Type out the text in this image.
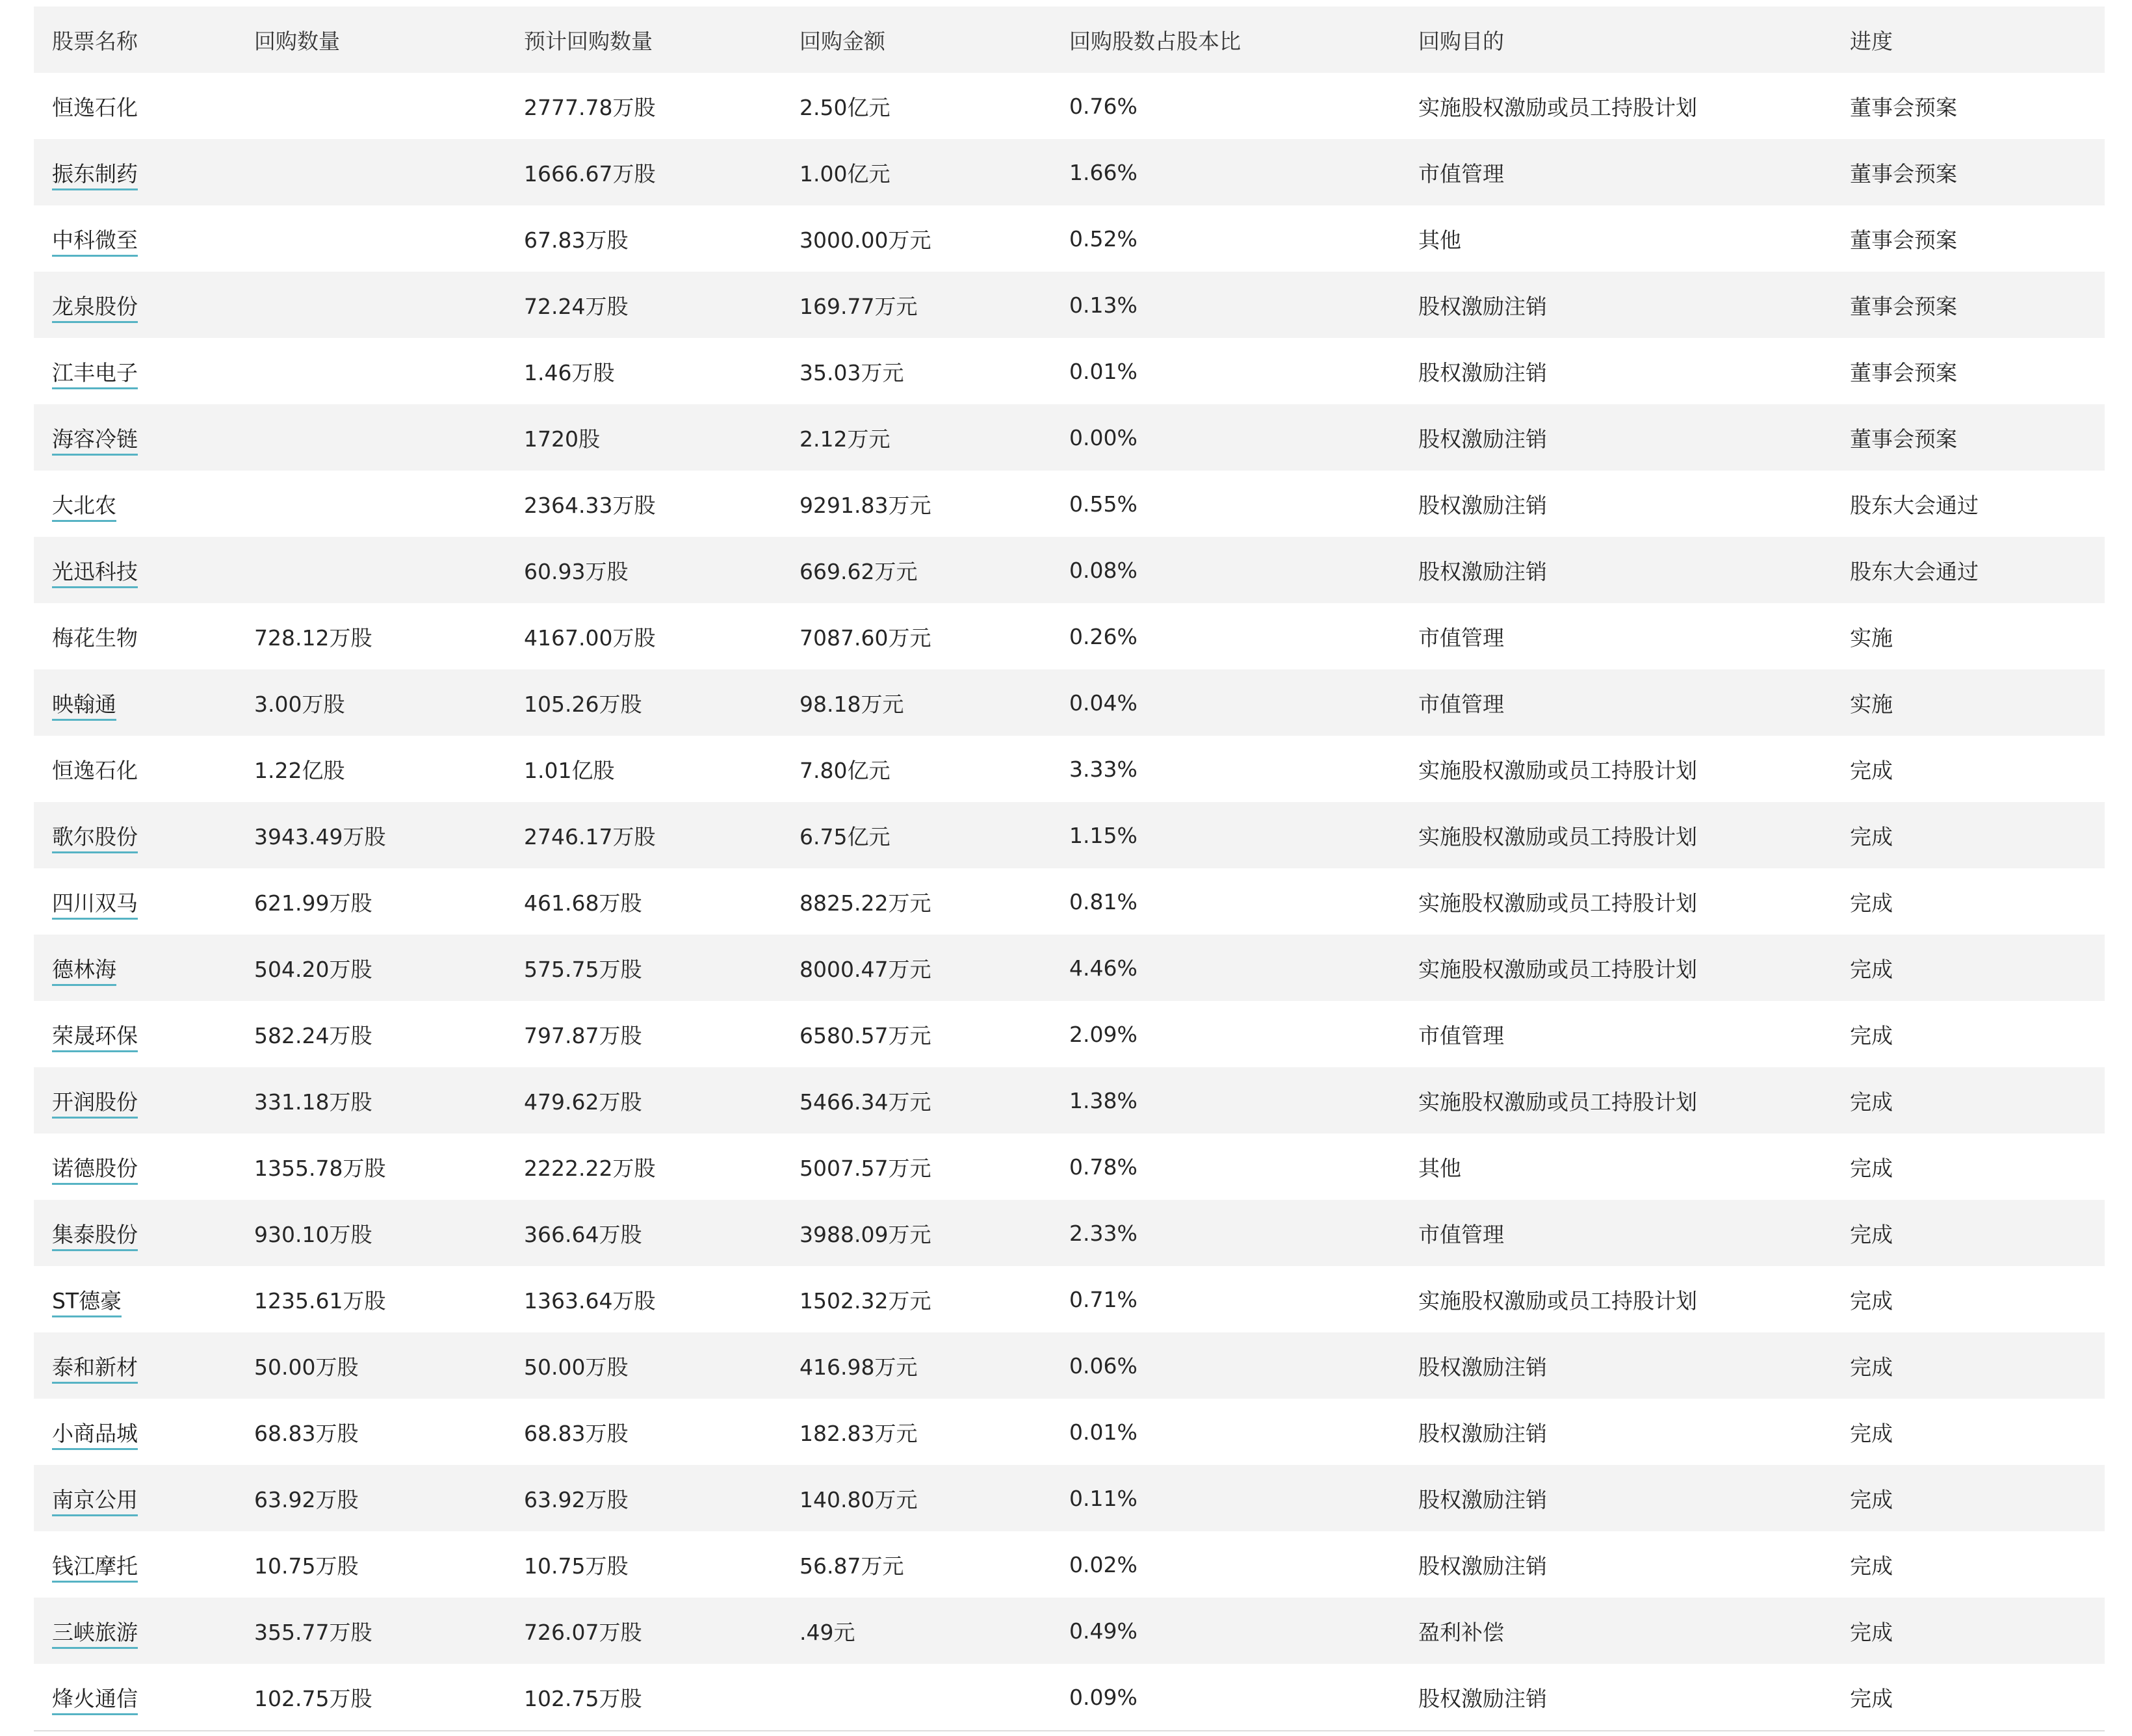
股票名称	回购数量	预计回购数量	回购金额	回购股数占股本比	回购目的	进度
恒逸石化		2777.78万股	2.50亿元	0.76%	实施股权激励或员工持股计划	董事会预案
振东制药		1666.67万股	1.00亿元	1.66%	市值管理	董事会预案
中科微至		67.83万股	3000.00万元	0.52%	其他	董事会预案
龙泉股份		72.24万股	169.77万元	0.13%	股权激励注销	董事会预案
江丰电子		1.46万股	35.03万元	0.01%	股权激励注销	董事会预案
海容冷链		1720股	2.12万元	0.00%	股权激励注销	董事会预案
大北农		2364.33万股	9291.83万元	0.55%	股权激励注销	股东大会通过
光迅科技		60.93万股	669.62万元	0.08%	股权激励注销	股东大会通过
梅花生物	728.12万股	4167.00万股	7087.60万元	0.26%	市值管理	实施
映翰通	3.00万股	105.26万股	98.18万元	0.04%	市值管理	实施
恒逸石化	1.22亿股	1.01亿股	7.80亿元	3.33%	实施股权激励或员工持股计划	完成
歌尔股份	3943.49万股	2746.17万股	6.75亿元	1.15%	实施股权激励或员工持股计划	完成
四川双马	621.99万股	461.68万股	8825.22万元	0.81%	实施股权激励或员工持股计划	完成
德林海	504.20万股	575.75万股	8000.47万元	4.46%	实施股权激励或员工持股计划	完成
荣晟环保	582.24万股	797.87万股	6580.57万元	2.09%	市值管理	完成
开润股份	331.18万股	479.62万股	5466.34万元	1.38%	实施股权激励或员工持股计划	完成
诺德股份	1355.78万股	2222.22万股	5007.57万元	0.78%	其他	完成
集泰股份	930.10万股	366.64万股	3988.09万元	2.33%	市值管理	完成
ST德豪	1235.61万股	1363.64万股	1502.32万元	0.71%	实施股权激励或员工持股计划	完成
泰和新材	50.00万股	50.00万股	416.98万元	0.06%	股权激励注销	完成
小商品城	68.83万股	68.83万股	182.83万元	0.01%	股权激励注销	完成
南京公用	63.92万股	63.92万股	140.80万元	0.11%	股权激励注销	完成
钱江摩托	10.75万股	10.75万股	56.87万元	0.02%	股权激励注销	完成
三峡旅游	355.77万股	726.07万股	.49元	0.49%	盈利补偿	完成
烽火通信	102.75万股	102.75万股		0.09%	股权激励注销	完成
